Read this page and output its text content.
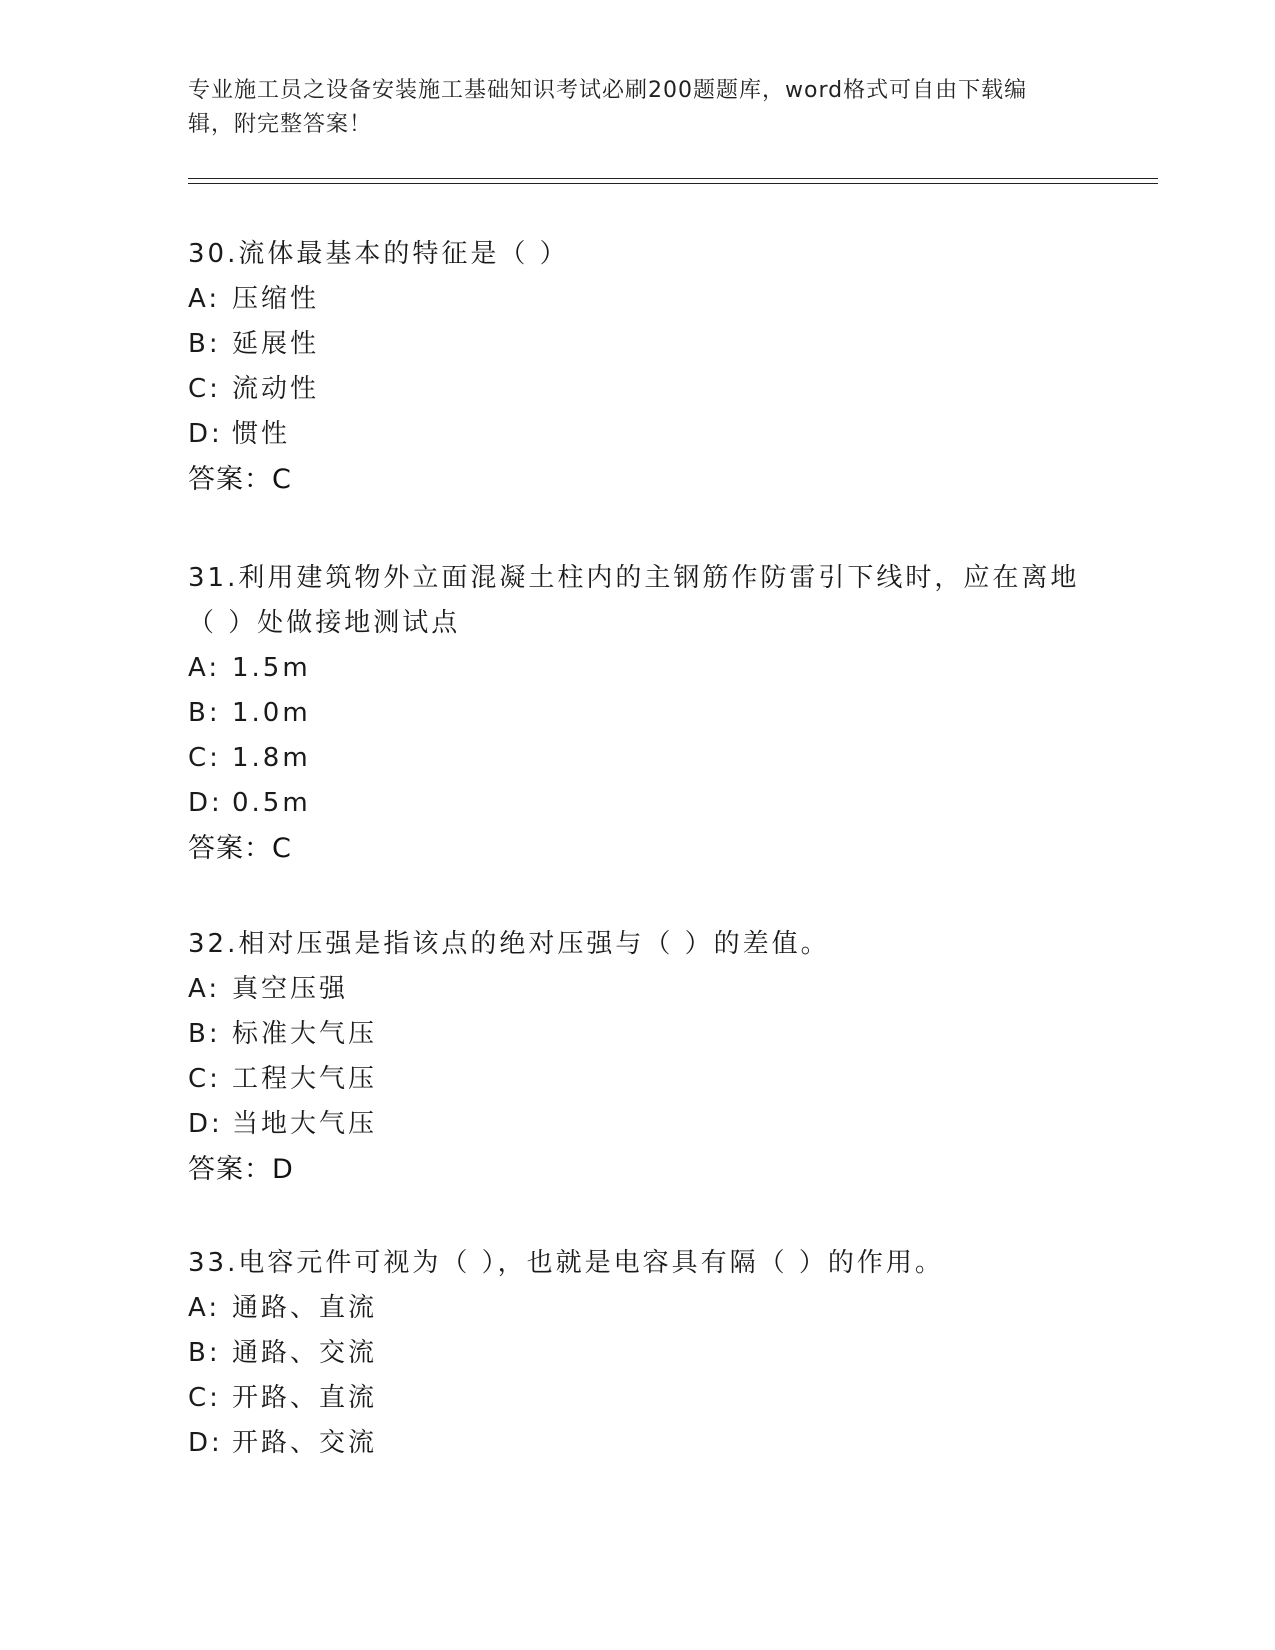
专业施工员之设备安装施工基础知识考试必刷200题题库，word格式可自由下载编辑，附完整答案！

30.流体最基本的特征是（ ）

A: 压缩性
B: 延展性
C: 流动性
D: 惯性
答案：C

31.利用建筑物外立面混凝土柱内的主钢筋作防雷引下线时，应在离地（ ）处做接地测试点

A: 1.5m
B: 1.0m
C: 1.8m
D: 0.5m
答案：C

32.相对压强是指该点的绝对压强与（ ）的差值。

A: 真空压强
B: 标准大气压
C: 工程大气压
D: 当地大气压
答案：D

33.电容元件可视为（ ），也就是电容具有隔（ ）的作用。

A: 通路、直流
B: 通路、交流
C: 开路、直流
D: 开路、交流
